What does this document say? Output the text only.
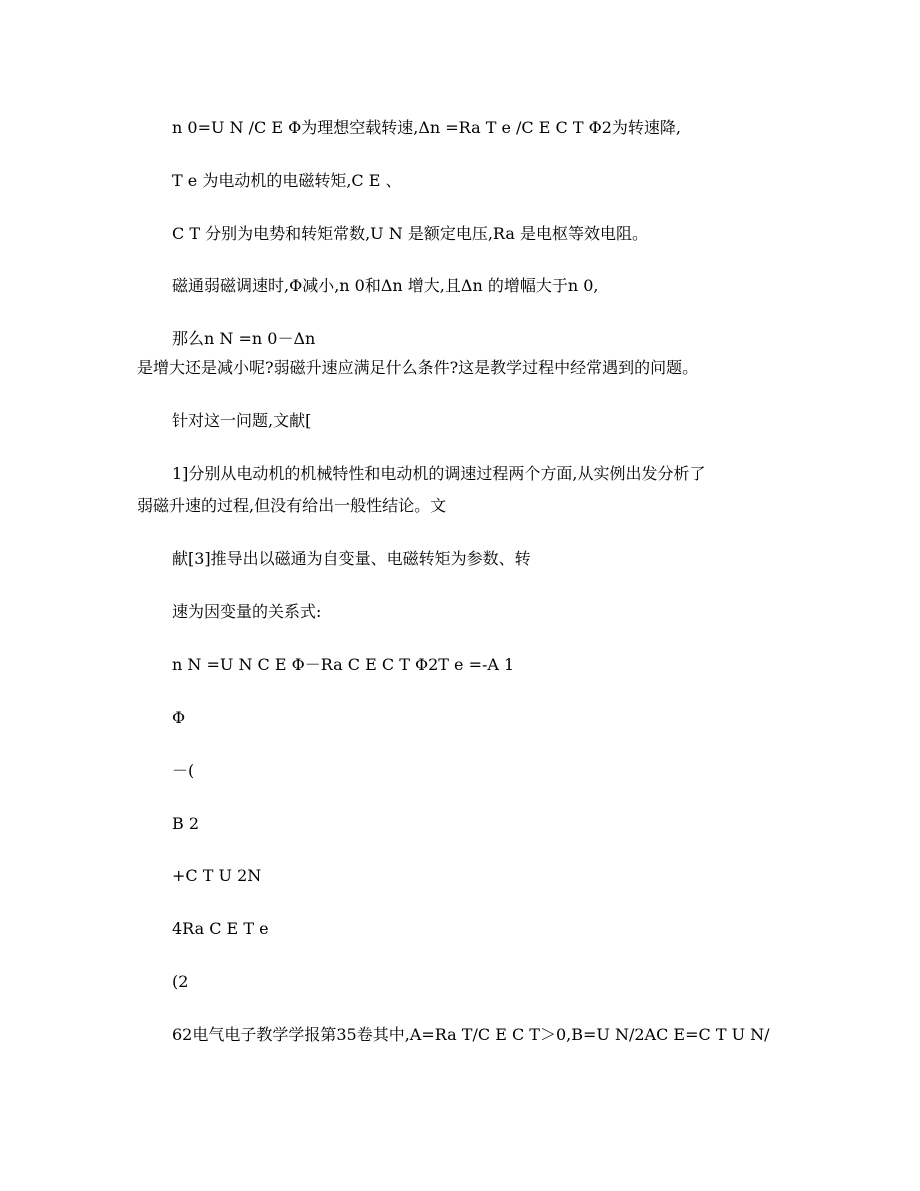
n 0=U N /C E Φ为理想空载转速,Δn =Ra T e /C E C T Φ2为转速降,
T e 为电动机的电磁转矩,C E 、
C T 分别为电势和转矩常数,U N 是额定电压,Ra 是电枢等效电阻。
磁通弱磁调速时,Φ减小,n 0和Δn 增大,且Δn 的增幅大于n 0,
那么n N =n 0－Δn
是增大还是减小呢?弱磁升速应满足什么条件?这是教学过程中经常遇到的问题。
针对这一问题,文献[
1]分别从电动机的机械特性和电动机的调速过程两个方面,从实例出发分析了
弱磁升速的过程,但没有给出一般性结论。文
献[3]推导出以磁通为自变量、电磁转矩为参数、转
速为因变量的关系式:
n N =U N C E Φ－Ra C E C T Φ2T e =-A 1
Φ
－(
B 2
+C T U 2N
4Ra C E T e
(2
62电气电子教学学报第35卷其中,A=Ra T/C E C T＞0,B=U N/2AC E=C T U N/
